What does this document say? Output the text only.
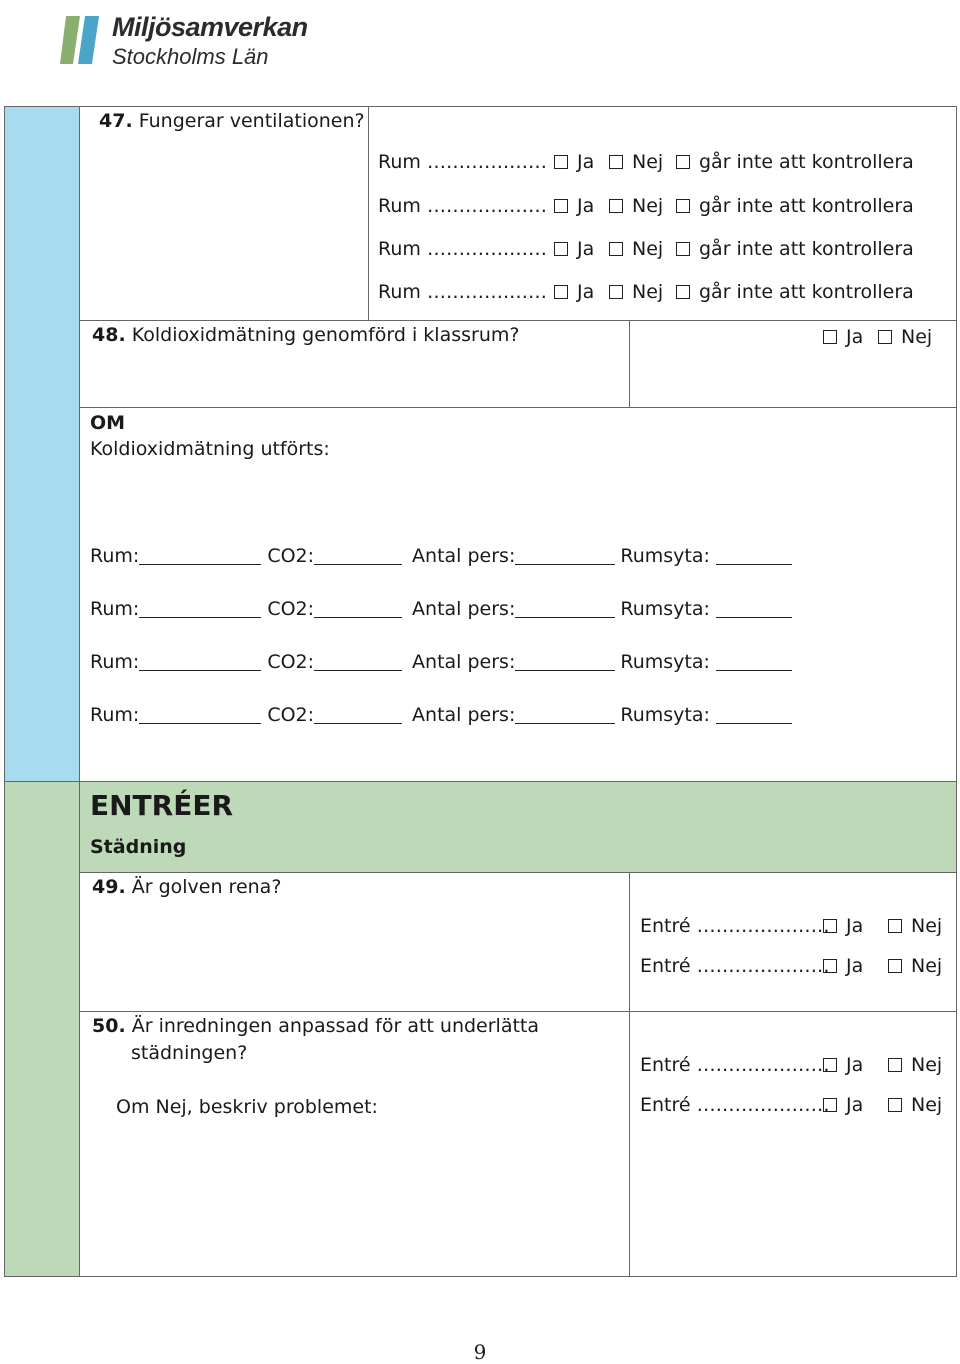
Miljösamverkan
Stockholms Län
47. Fungerar ventilationen?
Rum ………….…… Ja Nej går inte att kontrollera
Rum ………….…… Ja Nej går inte att kontrollera
Rum ………….…… Ja Nej går inte att kontrollera
Rum ………….…… Ja Nej går inte att kontrollera
48. Koldioxidmätning genomförd i klassrum?	Ja Nej
OM
Koldioxidmätning utförts:
Rum:	CO2:	Antal pers:	Rumsyta:
Rum:	CO2:	Antal pers:	Rumsyta:
Rum:	CO2:	Antal pers:	Rumsyta:
Rum:	CO2:	Antal pers:	Rumsyta:
ENTRÉER
Städning
49. Är golven rena?
Entré ………………… Ja	Nej
Entré ………………… Ja	Nej
50. Är inredningen anpassad för att underlätta
städningen?
Om Nej, beskriv problemet:
Entré ………………… Ja	Nej
Entré ………………… Ja	Nej
9
